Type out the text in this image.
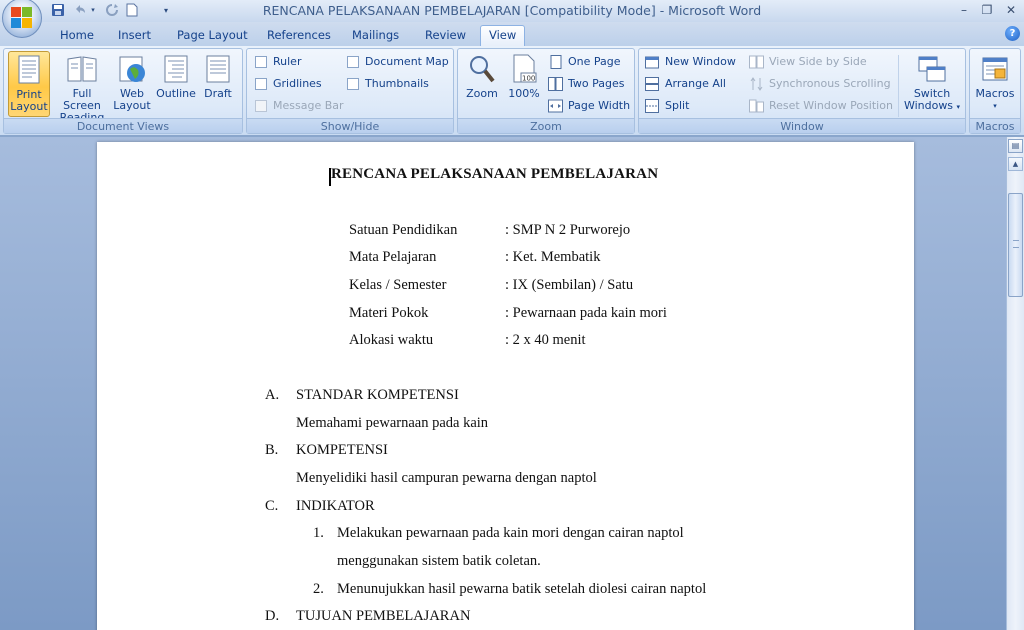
RENCANA PELAKSANAAN PEMBELAJARAN [Compatibility Mode] - Microsoft Word
▾	▾	–	❐	✕
Home	Insert	Page Layout	References	Mailings	Review	View	?
Print
Layout
Full Screen
Web
Layout
Outline Draft
Document Views
Ruler
Gridlines
Message Bar
Document Map
Thumbnails
Show/Hide
Zoom
100
100%
One Page
Two Pages
Page Width
Zoom
New Window
Arrange All
Split
View Side by Side
Synchronous Scrolling
Reset Window Position
Switch
Windows ▾
Window
Macros
▾
Macros
RENCANA PELAKSANAAN PEMBELAJARAN
Satuan Pendidikan	: SMP N 2 Purworejo
Mata Pelajaran	: Ket. Membatik
Kelas / Semester	: IX (Sembilan) / Satu
Materi Pokok	: Pewarnaan pada kain mori
Alokasi waktu	: 2 x 40 menit
A. STANDAR KOMPETENSI
Memahami pewarnaan pada kain
B. KOMPETENSI
Menyelidiki hasil campuran pewarna dengan naptol
C. INDIKATOR
1. Melakukan pewarnaan pada kain mori dengan cairan naptol
menggunakan sistem batik coletan.
2. Menunujukkan hasil pewarna batik setelah diolesi cairan naptol
D. TUJUAN PEMBELAJARAN
▤
▲
